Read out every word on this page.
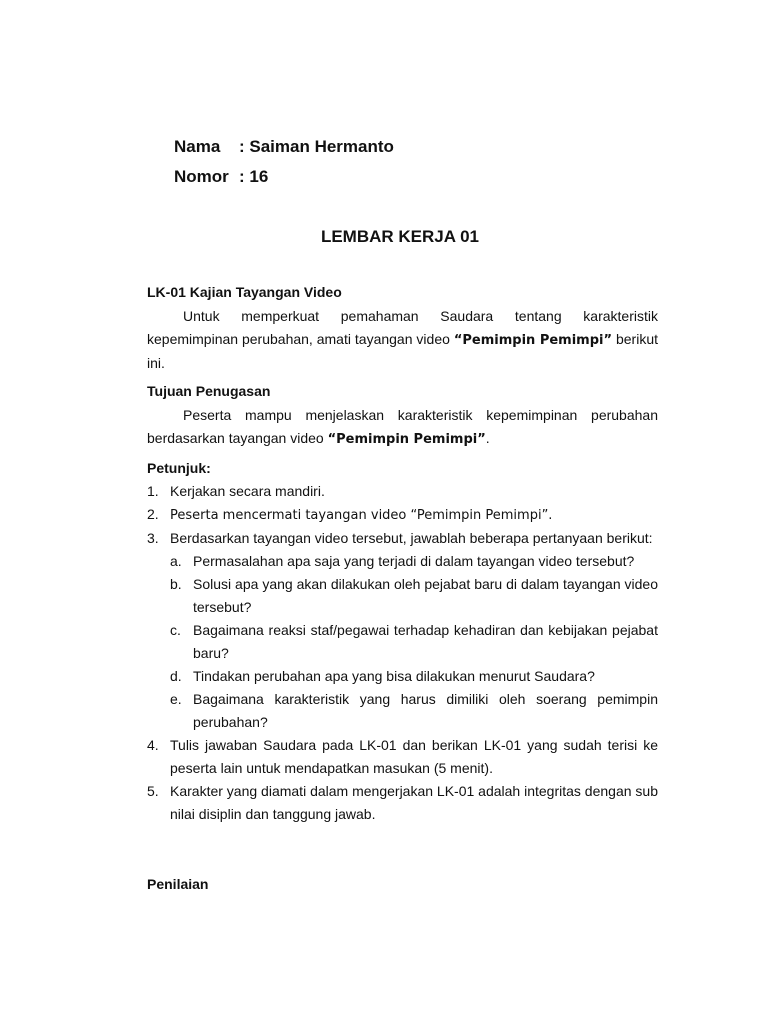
Nama : Saiman Hermanto
Nomor : 16
LEMBAR KERJA 01
LK-01 Kajian Tayangan Video
Untuk memperkuat pemahaman Saudara tentang karakteristik kepemimpinan perubahan, amati tayangan video “Pemimpin Pemimpi” berikut ini.
Tujuan Penugasan
Peserta mampu menjelaskan karakteristik kepemimpinan perubahan berdasarkan tayangan video “Pemimpin Pemimpi”.
Petunjuk:
1. Kerjakan secara mandiri.
2. Peserta mencermati tayangan video “Pemimpin Pemimpi”.
3. Berdasarkan tayangan video tersebut, jawablah beberapa pertanyaan berikut:
a. Permasalahan apa saja yang terjadi di dalam tayangan video tersebut?
b. Solusi apa yang akan dilakukan oleh pejabat baru di dalam tayangan video tersebut?
c. Bagaimana reaksi staf/pegawai terhadap kehadiran dan kebijakan pejabat baru?
d. Tindakan perubahan apa yang bisa dilakukan menurut Saudara?
e. Bagaimana karakteristik yang harus dimiliki oleh soerang pemimpin perubahan?
4. Tulis jawaban Saudara pada LK-01 dan berikan LK-01 yang sudah terisi ke peserta lain untuk mendapatkan masukan (5 menit).
5. Karakter yang diamati dalam mengerjakan LK-01 adalah integritas dengan sub nilai disiplin dan tanggung jawab.
Penilaian
